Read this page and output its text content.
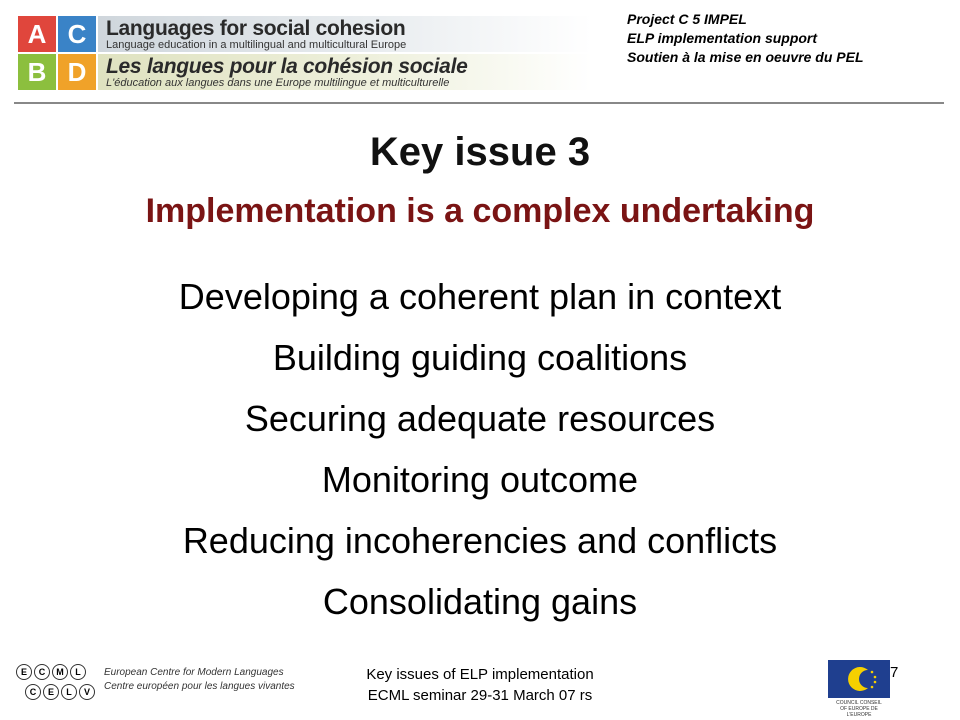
A C
B D
Languages for social cohesion
Language education in a multilingual and multicultural Europe
Les langues pour la cohésion sociale
L'éducation aux langues dans une Europe multilingue et multiculturelle
Project C 5 IMPEL
ELP implementation support
Soutien à la mise en oeuvre du PEL
Key issue 3
Implementation is a complex undertaking
Developing a coherent plan in context
Building guiding coalitions
Securing adequate resources
Monitoring outcome
Reducing incoherencies and conflicts
Consolidating gains
E	C	M	L
C	E	L	V
European Centre for Modern Languages
Centre européen pour les langues vivantes
Key issues of ELP implementation
ECML seminar 29-31 March 07 rs
7
COUNCIL CONSEIL
OF EUROPE DE L'EUROPE
